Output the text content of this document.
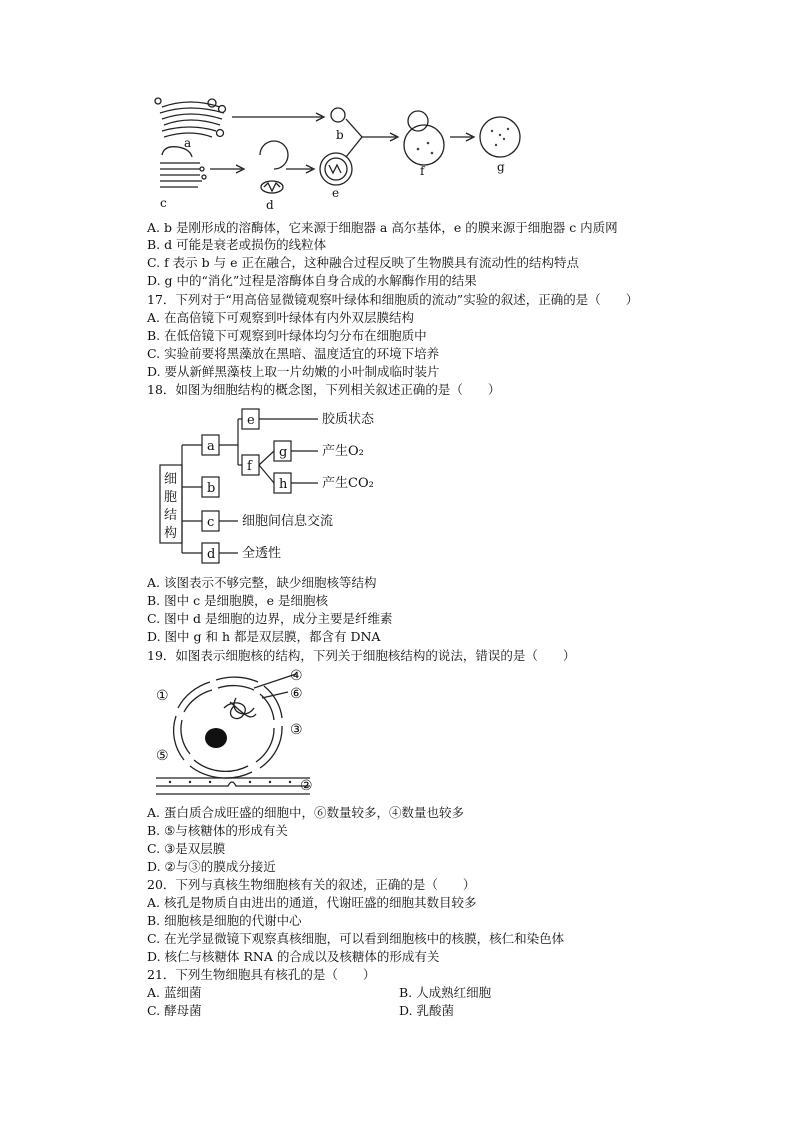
a
b
c	d
e
f	g
A. b 是刚形成的溶酶体，它来源于细胞器 a 高尔基体，e 的膜来源于细胞器 c 内质网
B. d 可能是衰老或损伤的线粒体
C. f 表示 b 与 e 正在融合，这种融合过程反映了生物膜具有流动性的结构特点
D. g 中的“消化”过程是溶酶体自身合成的水解酶作用的结果
17．下列对于“用高倍显微镜观察叶绿体和细胞质的流动”实验的叙述，正确的是（　　）
A. 在高倍镜下可观察到叶绿体有内外双层膜结构
B. 在低倍镜下可观察到叶绿体均匀分布在细胞质中
C. 实验前要将黑藻放在黑暗、温度适宜的环境下培养
D. 要从新鲜黑藻枝上取一片幼嫩的小叶制成临时装片
18．如图为细胞结构的概念图，下列相关叙述正确的是（　　）
细
胞
结
构
a
b
c
d
e
f
g
h
胶质状态
产生O₂
产生CO₂
细胞间信息交流
全透性
A. 该图表示不够完整，缺少细胞核等结构
B. 图中 c 是细胞膜，e 是细胞核
C. 图中 d 是细胞的边界，成分主要是纤维素
D. 图中 g 和 h 都是双层膜，都含有 DNA
19．如图表示细胞核的结构，下列关于细胞核结构的说法，错误的是（　　）
①
②
③
④
⑤
⑥
A. 蛋白质合成旺盛的细胞中，⑥数量较多，④数量也较多
B. ⑤与核糖体的形成有关
C. ③是双层膜
D. ②与③的膜成分接近
20．下列与真核生物细胞核有关的叙述，正确的是（　　）
A. 核孔是物质自由进出的通道，代谢旺盛的细胞其数目较多
B. 细胞核是细胞的代谢中心
C. 在光学显微镜下观察真核细胞，可以看到细胞核中的核膜，核仁和染色体
D. 核仁与核糖体 RNA 的合成以及核糖体的形成有关
21．下列生物细胞具有核孔的是（　　）
A. 蓝细菌	B. 人成熟红细胞
C. 酵母菌	D. 乳酸菌
